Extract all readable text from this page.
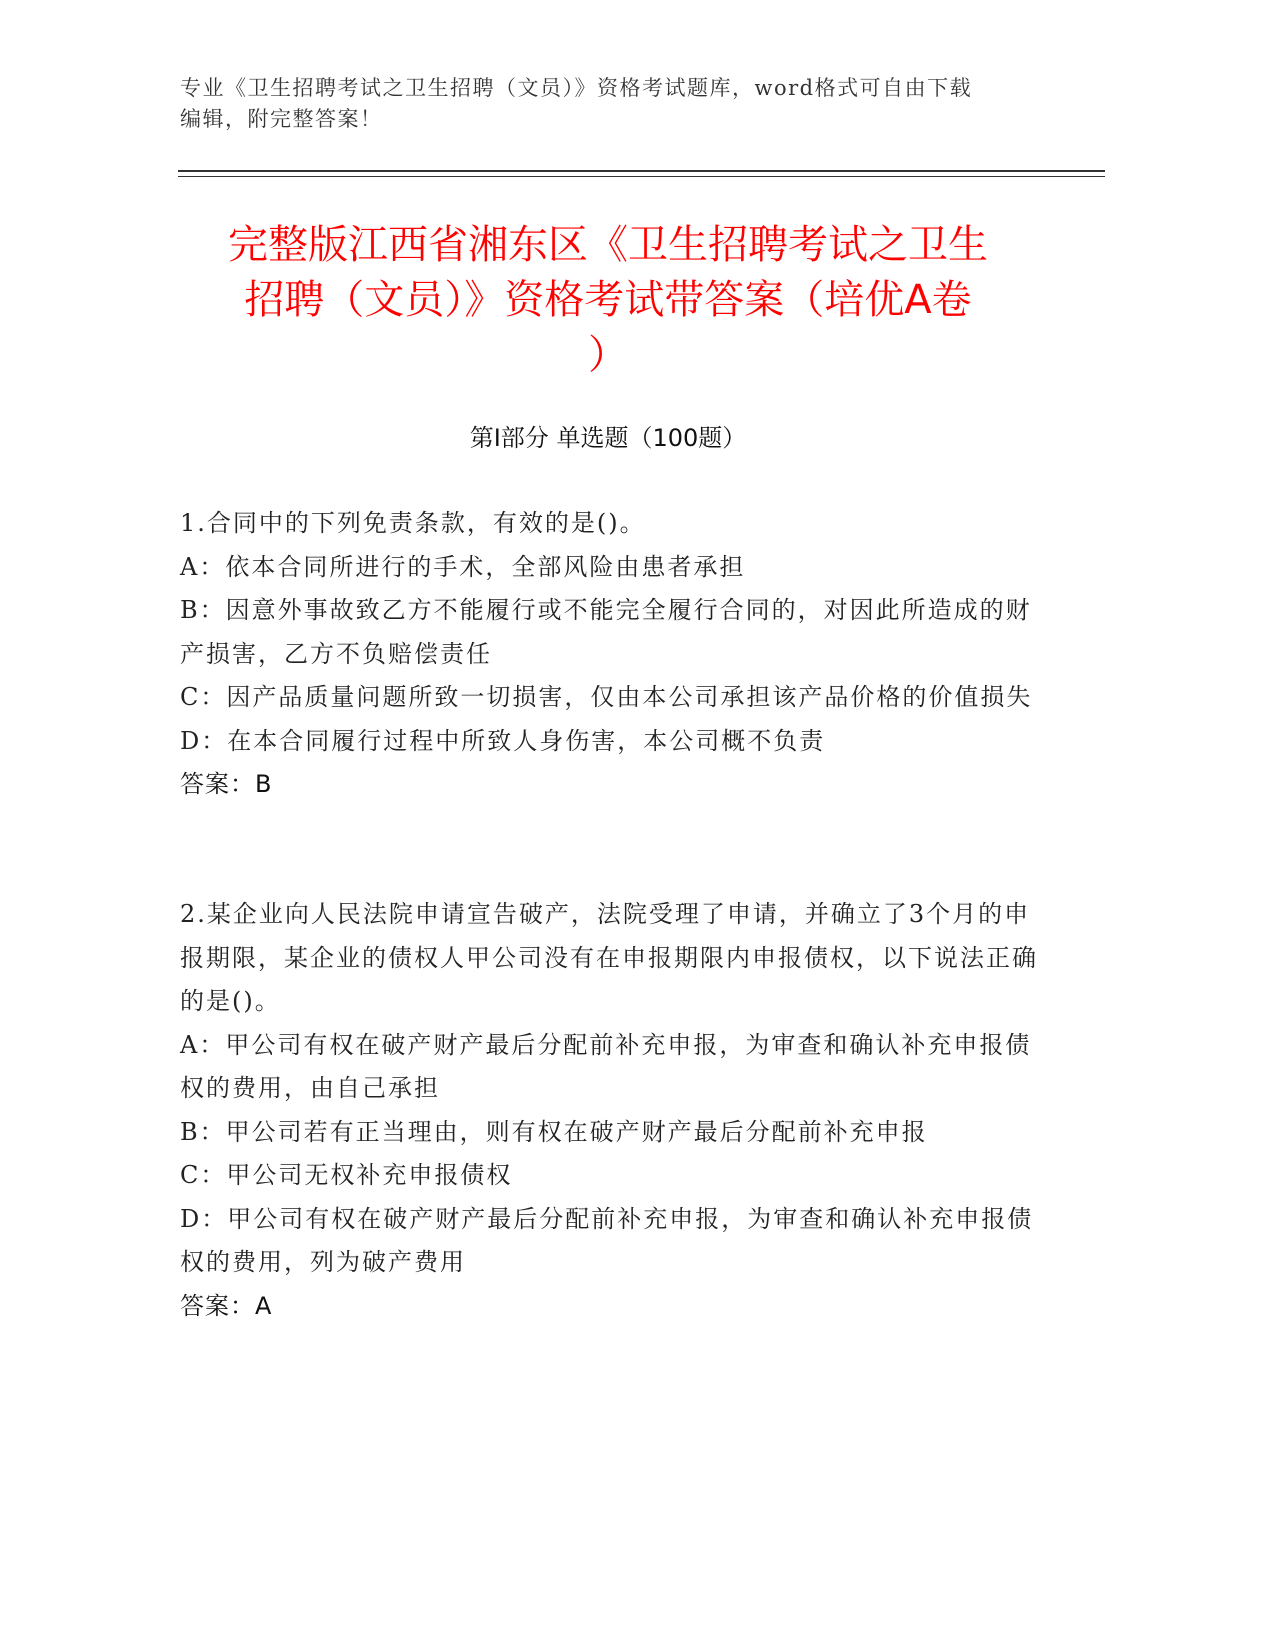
专业《卫生招聘考试之卫生招聘（文员）》资格考试题库，word格式可自由下载
编辑，附完整答案！
完整版江西省湘东区《卫生招聘考试之卫生
招聘（文员）》资格考试带答案（培优A卷
）
第I部分 单选题（100题）

1.合同中的下列免责条款，有效的是()。

A：依本合同所进行的手术，全部风险由患者承担

B：因意外事故致乙方不能履行或不能完全履行合同的，对因此所造成的财产损害，乙方不负赔偿责任

C：因产品质量问题所致一切损害，仅由本公司承担该产品价格的价值损失

D：在本合同履行过程中所致人身伤害，本公司概不负责

答案：B

2.某企业向人民法院申请宣告破产，法院受理了申请，并确立了3个月的申报期限，某企业的债权人甲公司没有在申报期限内申报债权，以下说法正确的是()。

A：甲公司有权在破产财产最后分配前补充申报，为审查和确认补充申报债权的费用，由自己承担

B：甲公司若有正当理由，则有权在破产财产最后分配前补充申报

C：甲公司无权补充申报债权

D：甲公司有权在破产财产最后分配前补充申报，为审查和确认补充申报债权的费用，列为破产费用

答案：A
